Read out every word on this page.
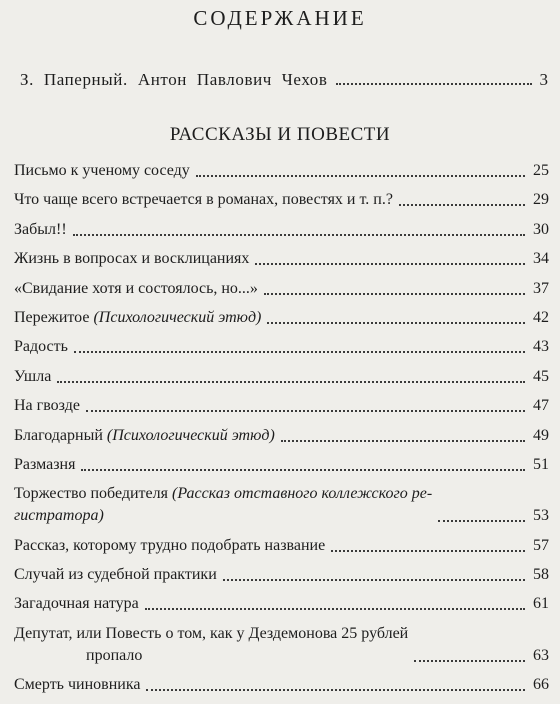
СОДЕРЖАНИЕ
З. Паперный. Антон Павлович Чехов	3
РАССКАЗЫ И ПОВЕСТИ
Письмо к ученому соседу	25
Что чаще всего встречается в романах, повестях и т. п.?	29
Забыл!!	30
Жизнь в вопросах и восклицаниях	34
«Свидание хотя и состоялось, но...»	37
Пережитое (Психологический этюд)	42
Радость	43
Ушла	45
На гвозде	47
Благодарный (Психологический этюд)	49
Размазня	51
Торжество победителя (Рассказ отставного коллежского ре-
гистратора)	53
Рассказ, которому трудно подобрать название	57
Случай из судебной практики	58
Загадочная натура	61
Депутат, или Повесть о том, как у Дездемонова 25 рублей
пропало	63
Смерть чиновника	66
